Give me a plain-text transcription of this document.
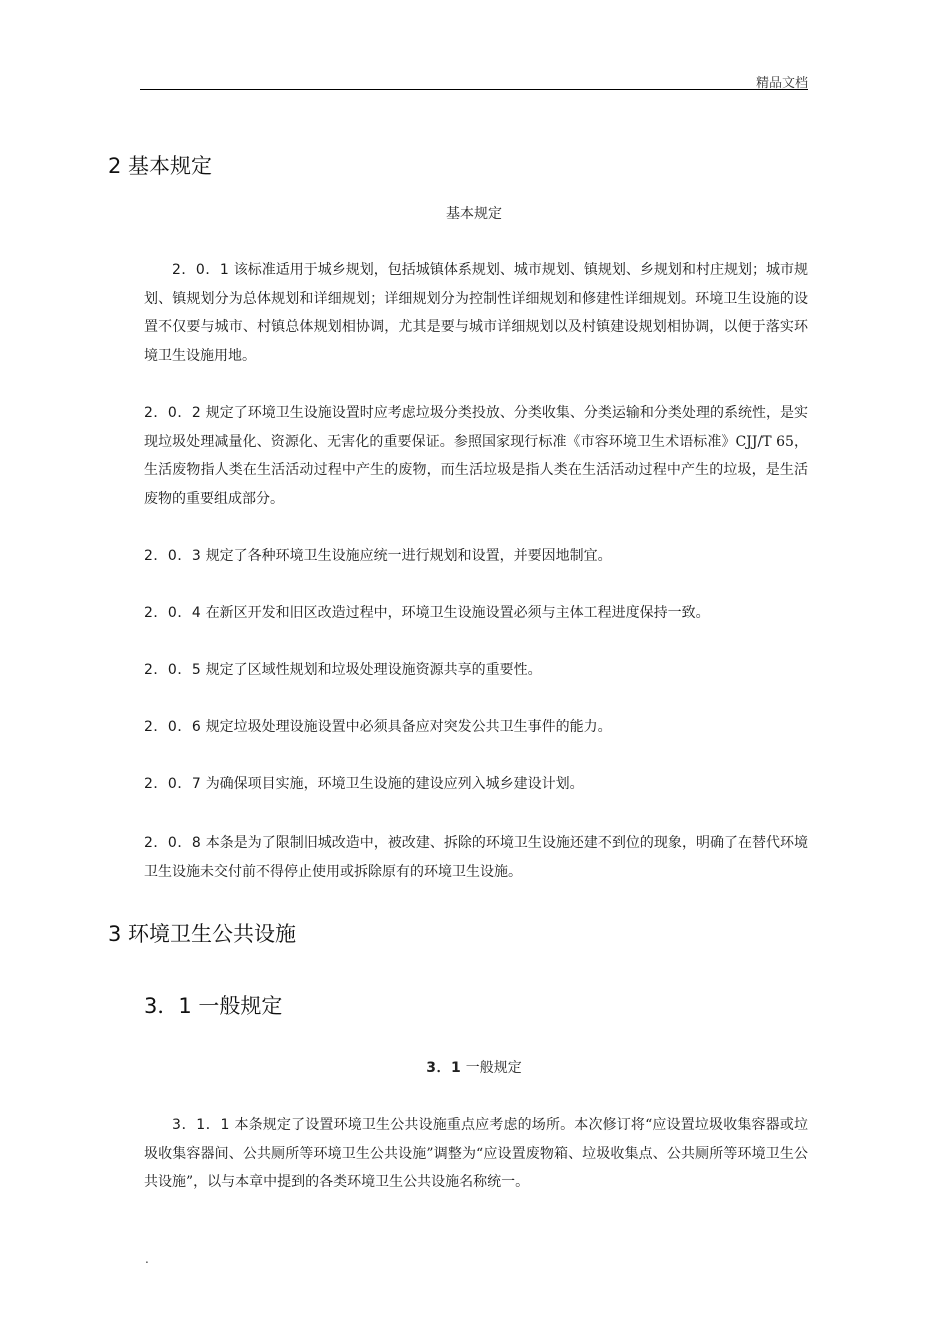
精品文档
2 基本规定
基本规定
2．0．1 该标准适用于城乡规划，包括城镇体系规划、城市规划、镇规划、乡规划和村庄规划；城市规划、镇规划分为总体规划和详细规划；详细规划分为控制性详细规划和修建性详细规划。环境卫生设施的设置不仅要与城市、村镇总体规划相协调，尤其是要与城市详细规划以及村镇建设规划相协调，以便于落实环境卫生设施用地。
2．0．2 规定了环境卫生设施设置时应考虑垃圾分类投放、分类收集、分类运输和分类处理的系统性，是实现垃圾处理减量化、资源化、无害化的重要保证。参照国家现行标准《市容环境卫生术语标准》CJJ/T 65，生活废物指人类在生活活动过程中产生的废物，而生活垃圾是指人类在生活活动过程中产生的垃圾，是生活废物的重要组成部分。
2．0．3 规定了各种环境卫生设施应统一进行规划和设置，并要因地制宜。
2．0．4 在新区开发和旧区改造过程中，环境卫生设施设置必须与主体工程进度保持一致。
2．0．5 规定了区域性规划和垃圾处理设施资源共享的重要性。
2．0．6 规定垃圾处理设施设置中必须具备应对突发公共卫生事件的能力。
2．0．7 为确保项目实施，环境卫生设施的建设应列入城乡建设计划。
2．0．8 本条是为了限制旧城改造中，被改建、拆除的环境卫生设施还建不到位的现象，明确了在替代环境卫生设施未交付前不得停止使用或拆除原有的环境卫生设施。
3 环境卫生公共设施
3．1 一般规定
3．1 一般规定
3．1．1 本条规定了设置环境卫生公共设施重点应考虑的场所。本次修订将“应设置垃圾收集容器或垃圾收集容器间、公共厕所等环境卫生公共设施”调整为“应设置废物箱、垃圾收集点、公共厕所等环境卫生公共设施”，以与本章中提到的各类环境卫生公共设施名称统一。
.
